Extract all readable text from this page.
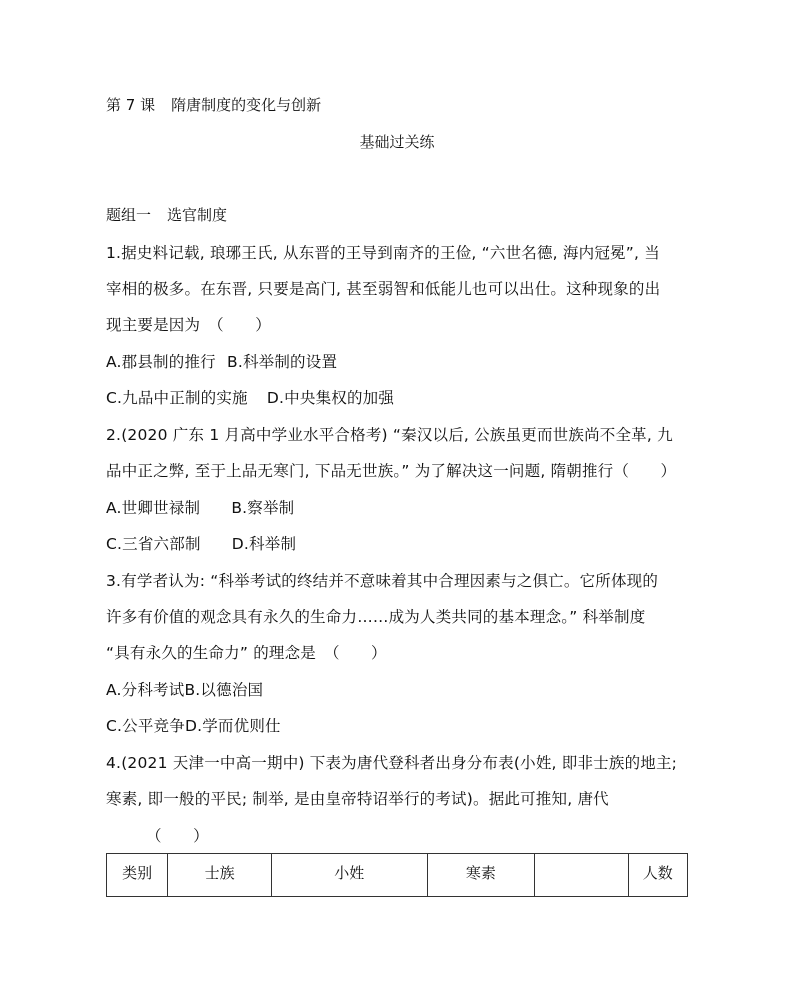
第 7 课 隋唐制度的变化与创新
基础过关练
题组一 选官制度
1.据史料记载, 琅琊王氏, 从东晋的王导到南齐的王俭, “六世名德, 海内冠冕”, 当
宰相的极多。在东晋, 只要是高门, 甚至弱智和低能儿也可以出仕。这种现象的出
现主要是因为　（　　）
A.郡县制的推行 B.科举制的设置
C.九品中正制的实施 D.中央集权的加强
2.(2020 广东 1 月高中学业水平合格考) “秦汉以后, 公族虽更而世族尚不全革, 九
品中正之弊, 至于上品无寒门, 下品无世族。” 为了解决这一问题, 隋朝推行（　　）
A.世卿世禄制 B.察举制
C.三省六部制 D.科举制
3.有学者认为: “科举考试的终结并不意味着其中合理因素与之俱亡。它所体现的
许多有价值的观念具有永久的生命力……成为人类共同的基本理念。” 科举制度
“具有永久的生命力” 的理念是　（　　）
A.分科考试B.以德治国
C.公平竞争D.学而优则仕
4.(2021 天津一中高一期中) 下表为唐代登科者出身分布表(小姓, 即非士族的地主;
寒素, 即一般的平民; 制举, 是由皇帝特诏举行的考试)。据此可推知, 唐代
（　　）
类别	士族	小姓	寒素		人数
